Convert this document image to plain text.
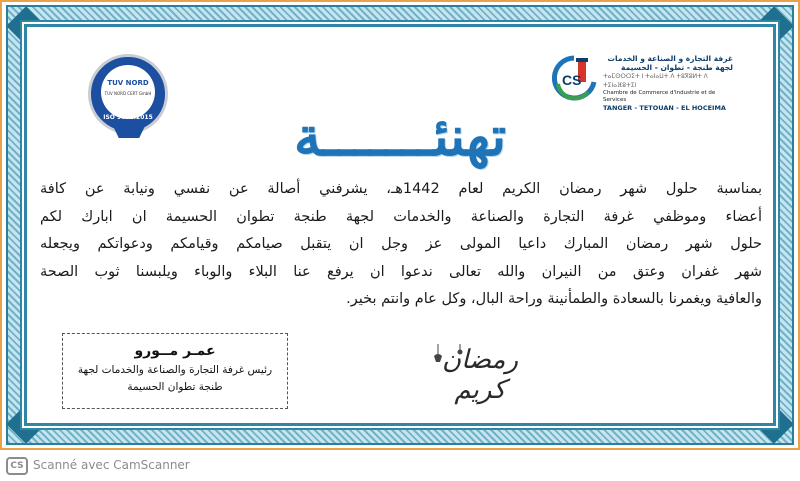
TUV NORD
TUV NORD CERT GmbH
ISO 9001:2015
CS
غرفة التجارة و الصناعة و الخدمات
لجهة طنجة - تطوان - الحسيمة
ⵜⴰⵎⵙⵔⵔⵉⵜ ⵏ ⵜⴰⵏⴰⵡⵜ ⴷ ⵜⵓⴳⵓⵍⵜ ⴷ ⵜⵉⵏⴰⴼⵓⵜⵉⵏ
Chambre de Commerce d'Industrie et de Services
TANGER - TETOUAN - EL HOCEIMA
تهنئـــــــة
بمناسبة حلول شهر رمضان الكريم لعام 1442هـ، يشرفني أصالة عن نفسي ونيابة عن كافة
أعضاء وموظفي غرفة التجارة والصناعة والخدمات لجهة طنجة تطوان الحسيمة ان ابارك لكم
حلول شهر رمضان المبارك داعيا المولى عز وجل ان يتقبل صيامكم وقيامكم ودعواتكم ويجعله
شهر غفران وعتق من النيران والله تعالى ندعوا ان يرفع عنا البلاء والوباء ويلبسنا ثوب الصحة
والعافية ويغمرنا بالسعادة والطمأنينة وراحة البال، وكل عام وانتم بخير.
عمـر مــورو
رئيس غرفة التجارة والصناعة والخدمات لجهة
طنجة تطوان الحسيمة
رمضان كريم
CS Scanné avec CamScanner
